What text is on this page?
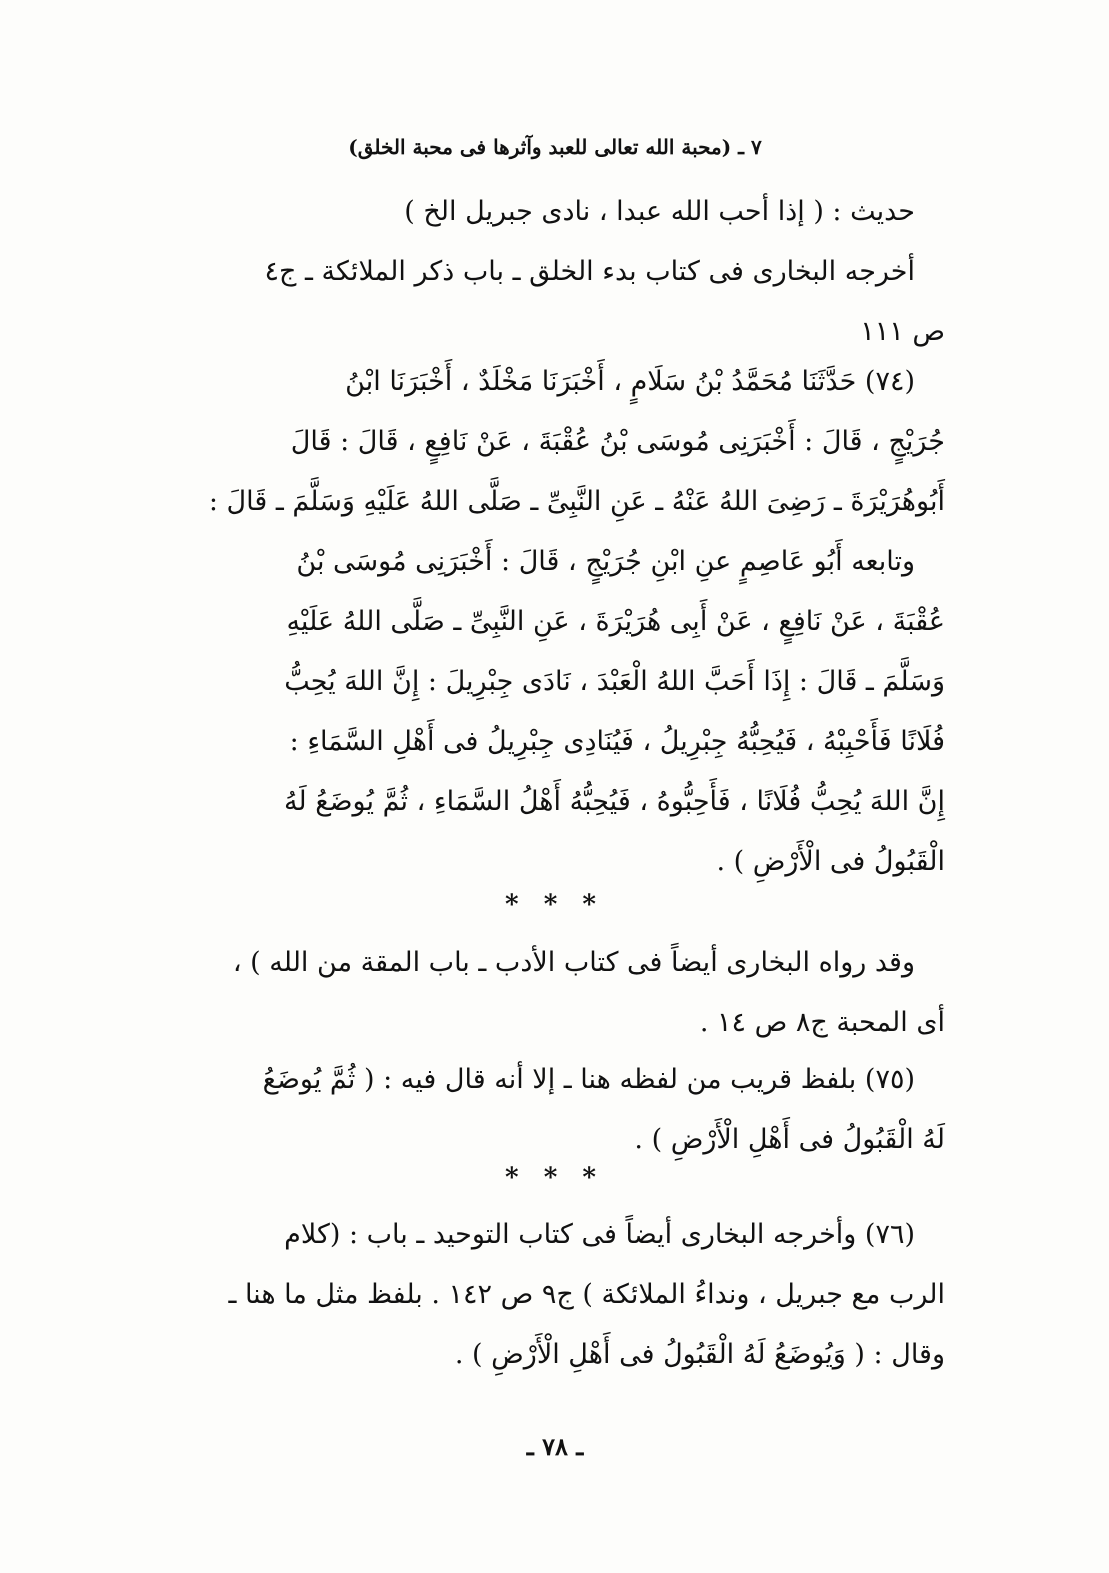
٧ ـ (محبة الله تعالى للعبد وآثرها فى محبة الخلق)

حديث : ( إذا أحب الله عبدا ، نادى جبريل الخ )

أخرجه البخارى فى كتاب بدء الخلق ـ باب ذكر الملائكة ـ ج٤

ص ١١١

(٧٤) حَدَّثَنَا مُحَمَّدُ بْنُ سَلَامٍ ، أَخْبَرَنَا مَخْلَدٌ ، أَخْبَرَنَا ابْنُ

جُرَيْجٍ ، قَالَ : أَخْبَرَنِى مُوسَى بْنُ عُقْبَةَ ، عَنْ نَافِعٍ ، قَالَ : قَالَ

أَبُوهُرَيْرَةَ ـ رَضِىَ اللهُ عَنْهُ ـ عَنِ النَّبِىِّ ـ صَلَّى اللهُ عَلَيْهِ وَسَلَّمَ ـ قَالَ :

وتابعه أَبُو عَاصِمٍ عنِ ابْنِ جُرَيْجٍ ، قَالَ : أَخْبَرَنِى مُوسَى بْنُ

عُقْبَةَ ، عَنْ نَافِعٍ ، عَنْ أَبِى هُرَيْرَةَ ، عَنِ النَّبِىِّ ـ صَلَّى اللهُ عَلَيْهِ

وَسَلَّمَ ـ قَالَ : إِذَا أَحَبَّ اللهُ الْعَبْدَ ، نَادَى جِبْرِيلَ : إِنَّ اللهَ يُحِبُّ

فُلَانًا فَأَحْبِبْهُ ، فَيُحِبُّهُ جِبْرِيلُ ، فَيُنَادِى جِبْرِيلُ فى أَهْلِ السَّمَاءِ :

إِنَّ اللهَ يُحِبُّ فُلَانًا ، فَأَحِبُّوهُ ، فَيُحِبُّهُ أَهْلُ السَّمَاءِ ، ثُمَّ يُوضَعُ لَهُ

الْقَبُولُ فى الْأَرْضِ ) .

* * *

وقد رواه البخارى أيضاً فى كتاب الأدب ـ باب المقة من الله ) ،

أى المحبة ج٨ ص ١٤ .

(٧٥) بلفظ قريب من لفظه هنا ـ إلا أنه قال فيه : ( ثُمَّ يُوضَعُ

لَهُ الْقَبُولُ فى أَهْلِ الْأَرْضِ ) .

* * *

(٧٦) وأخرجه البخارى أيضاً فى كتاب التوحيد ـ باب : (كلام

الرب مع جبريل ، ونداءُ الملائكة ) ج٩ ص ١٤٢ . بلفظ مثل ما هنا ـ

وقال : ( وَيُوضَعُ لَهُ الْقَبُولُ فى أَهْلِ الْأَرْضِ ) .

ـ ٧٨ ـ
